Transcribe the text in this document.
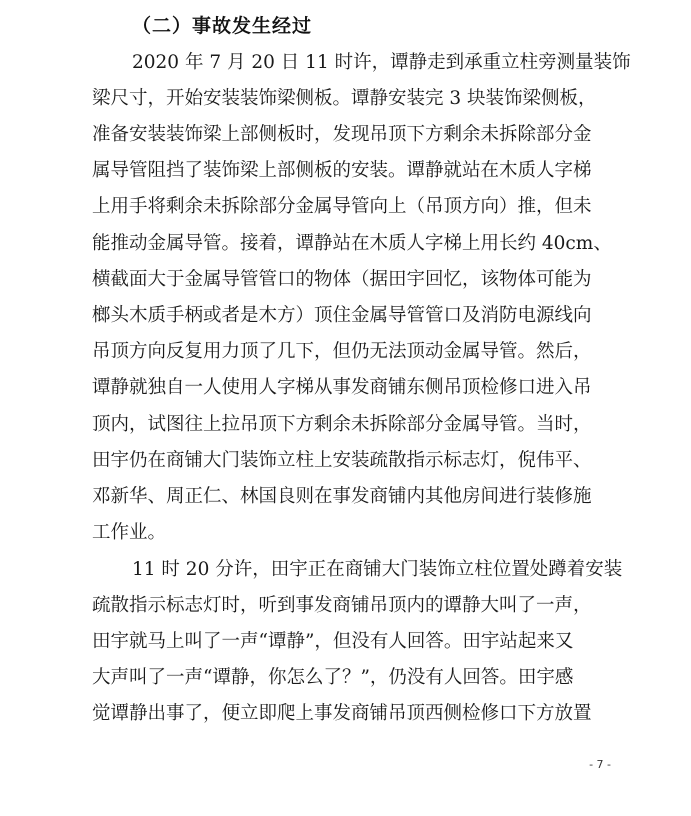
（二）事故发生经过

2020 年 7 月 20 日 11 时许，谭静走到承重立柱旁测量装饰

梁尺寸，开始安装装饰梁侧板。谭静安装完 3 块装饰梁侧板，

准备安装装饰梁上部侧板时，发现吊顶下方剩余未拆除部分金

属导管阻挡了装饰梁上部侧板的安装。谭静就站在木质人字梯

上用手将剩余未拆除部分金属导管向上（吊顶方向）推，但未

能推动金属导管。接着，谭静站在木质人字梯上用长约 40cm、

横截面大于金属导管管口的物体（据田宇回忆，该物体可能为

榔头木质手柄或者是木方）顶住金属导管管口及消防电源线向

吊顶方向反复用力顶了几下，但仍无法顶动金属导管。然后，

谭静就独自一人使用人字梯从事发商铺东侧吊顶检修口进入吊

顶内，试图往上拉吊顶下方剩余未拆除部分金属导管。当时，

田宇仍在商铺大门装饰立柱上安装疏散指示标志灯，倪伟平、

邓新华、周正仁、林国良则在事发商铺内其他房间进行装修施

工作业。

11 时 20 分许，田宇正在商铺大门装饰立柱位置处蹲着安装

疏散指示标志灯时，听到事发商铺吊顶内的谭静大叫了一声，

田宇就马上叫了一声“谭静”，但没有人回答。田宇站起来又

大声叫了一声“谭静，你怎么了？”，仍没有人回答。田宇感

觉谭静出事了，便立即爬上事发商铺吊顶西侧检修口下方放置

- 7 -
